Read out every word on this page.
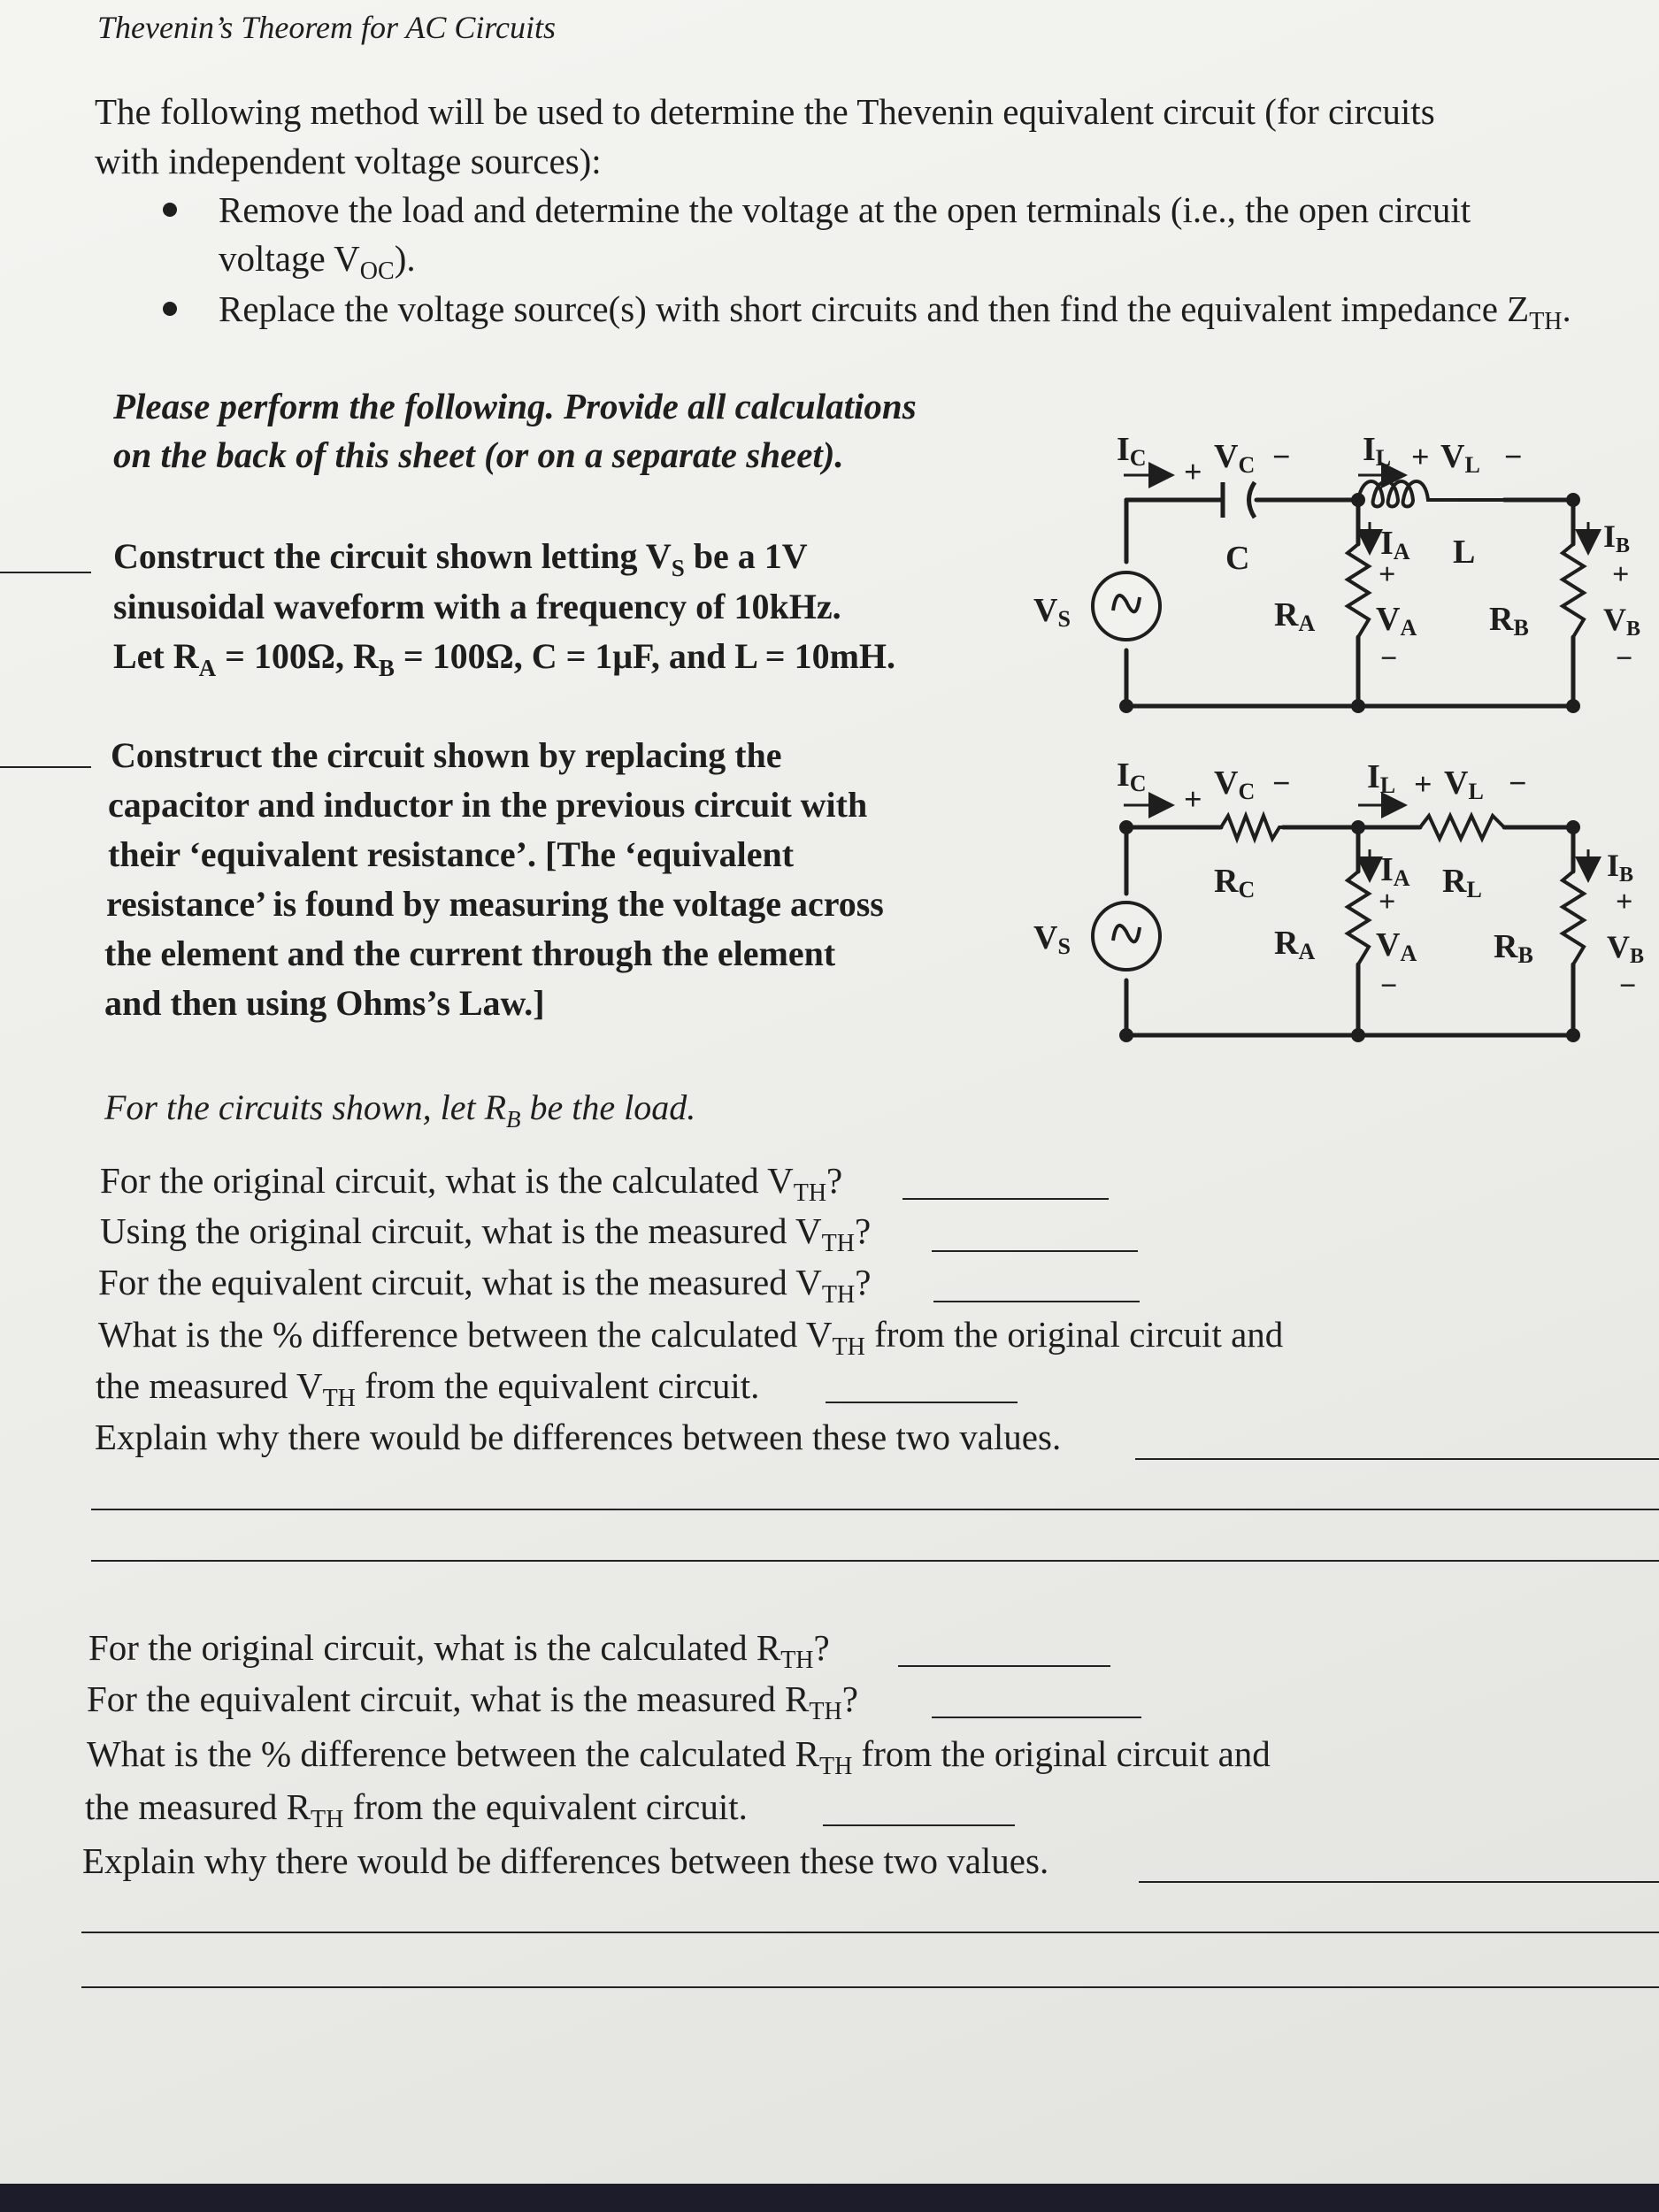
Thevenin’s Theorem for AC Circuits
The following method will be used to determine the Thevenin equivalent circuit (for circuits
with independent voltage sources):
Remove the load and determine the voltage at the open terminals (i.e., the open circuit
voltage $V_{OC}$).
Replace the voltage source(s) with short circuits and then find the equivalent impedance $Z_{TH}$.
Please perform the following. Provide all calculations
on the back of this sheet (or on a separate sheet).
Construct the circuit shown letting $V_S$ be a 1V
sinusoidal waveform with a frequency of 10kHz.
Let $R_A = 100\Omega$, $R_B = 100\Omega$, C = 1μF, and L = 10mH.
Construct the circuit shown by replacing the
capacitor and inductor in the previous circuit with
their ‘equivalent resistance’. [The ‘equivalent
resistance’ is found by measuring the voltage across
the element and the current through the element
and then using Ohms’s Law.]
IC + VC −
C
IL + VL −
IA L
+
RA VA
−
RB
IB
+
VB
−
VS
IC + VC −
RC
IL + VL −
IA RL
+
RA VA
−
RB
IB
+
VB
−
VS
For the circuits shown, let $R_B$ be the load.
For the original circuit, what is the calculated $V_{TH}$?
Using the original circuit, what is the measured $V_{TH}$?
For the equivalent circuit, what is the measured $V_{TH}$?
What is the % difference between the calculated $V_{TH}$ from the original circuit and
the measured $V_{TH}$ from the equivalent circuit.
Explain why there would be differences between these two values.
For the original circuit, what is the calculated $R_{TH}$?
For the equivalent circuit, what is the measured $R_{TH}$?
What is the % difference between the calculated $R_{TH}$ from the original circuit and
the measured $R_{TH}$ from the equivalent circuit.
Explain why there would be differences between these two values.
